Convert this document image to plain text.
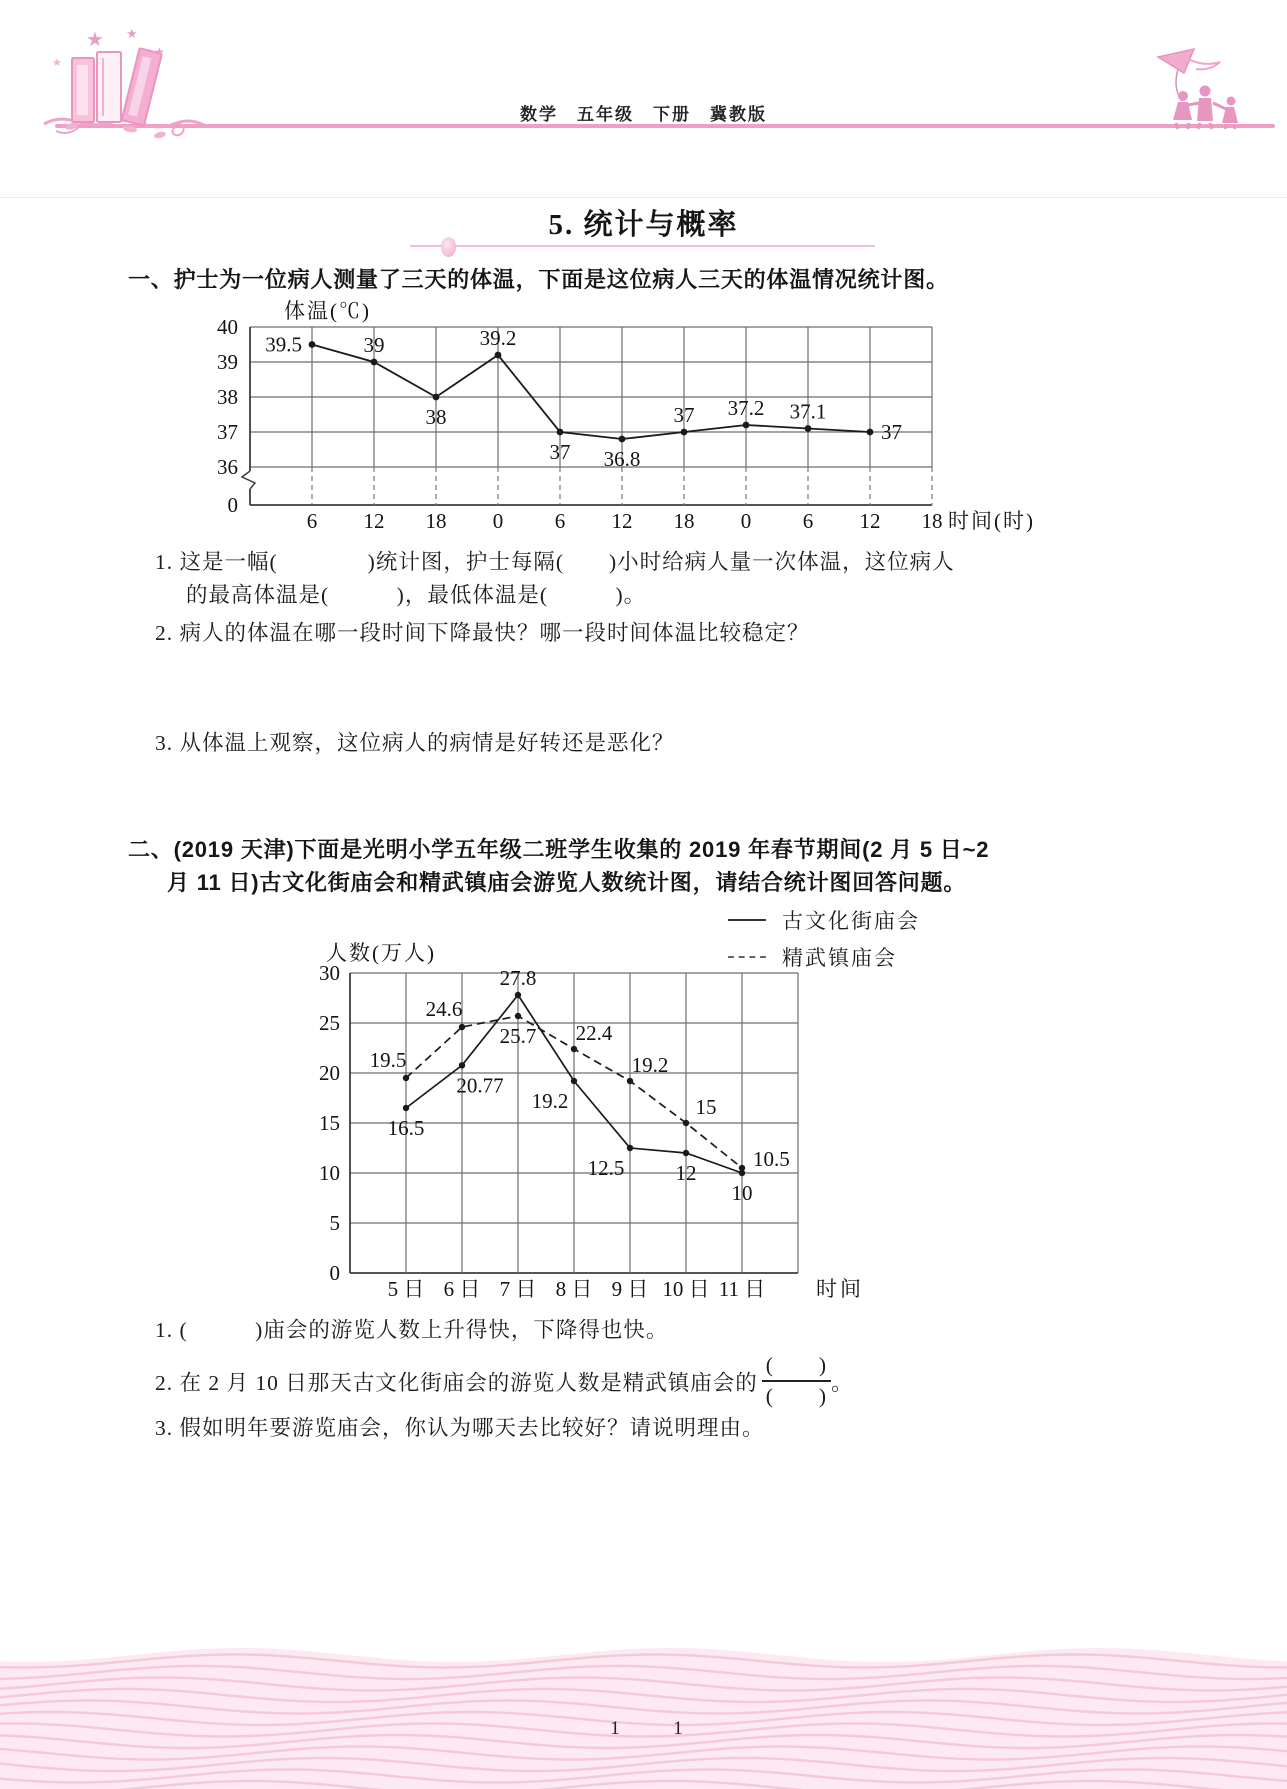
★ ★
★
★
数学　五年级　下册　冀教版
5. 统计与概率
一、护士为一位病人测量了三天的体温，下面是这位病人三天的体温情况统计图。
体温(℃)
40
39
38
37
36
0
6 12 18 0 6 12 18 0 6 12 18 时间(时)
39.5	39
38
39.2
37 36.8
37 37.2 37.1
37
1. 这是一幅(　　　　)统计图，护士每隔(　　)小时给病人量一次体温，这位病人
的最高体温是(　　　)，最低体温是(　　　)。
2. 病人的体温在哪一段时间下降最快？哪一段时间体温比较稳定？
3. 从体温上观察，这位病人的病情是好转还是恶化？
二、(2019 天津)下面是光明小学五年级二班学生收集的 2019 年春节期间(2 月 5 日~2
月 11 日)古文化街庙会和精武镇庙会游览人数统计图，请结合统计图回答问题。
古文化街庙会
精武镇庙会
人数(万人)
30
25
20
15
10
5
0
5 日 6 日 7 日 8 日 9 日 10 日 11 日 时间
16.5
20.77
27.8
19.2
12.5 12
10
19.5
24.6
25.7 22.4
19.2
15
10.5
1. (　　　)庙会的游览人数上升得快，下降得也快。
2. 在 2 月 10 日那天古文化街庙会的游览人数是精武镇庙会的 $\frac{( )}{( )}$ 。
3. 假如明年要游览庙会，你认为哪天去比较好？请说明理由。
1	1
